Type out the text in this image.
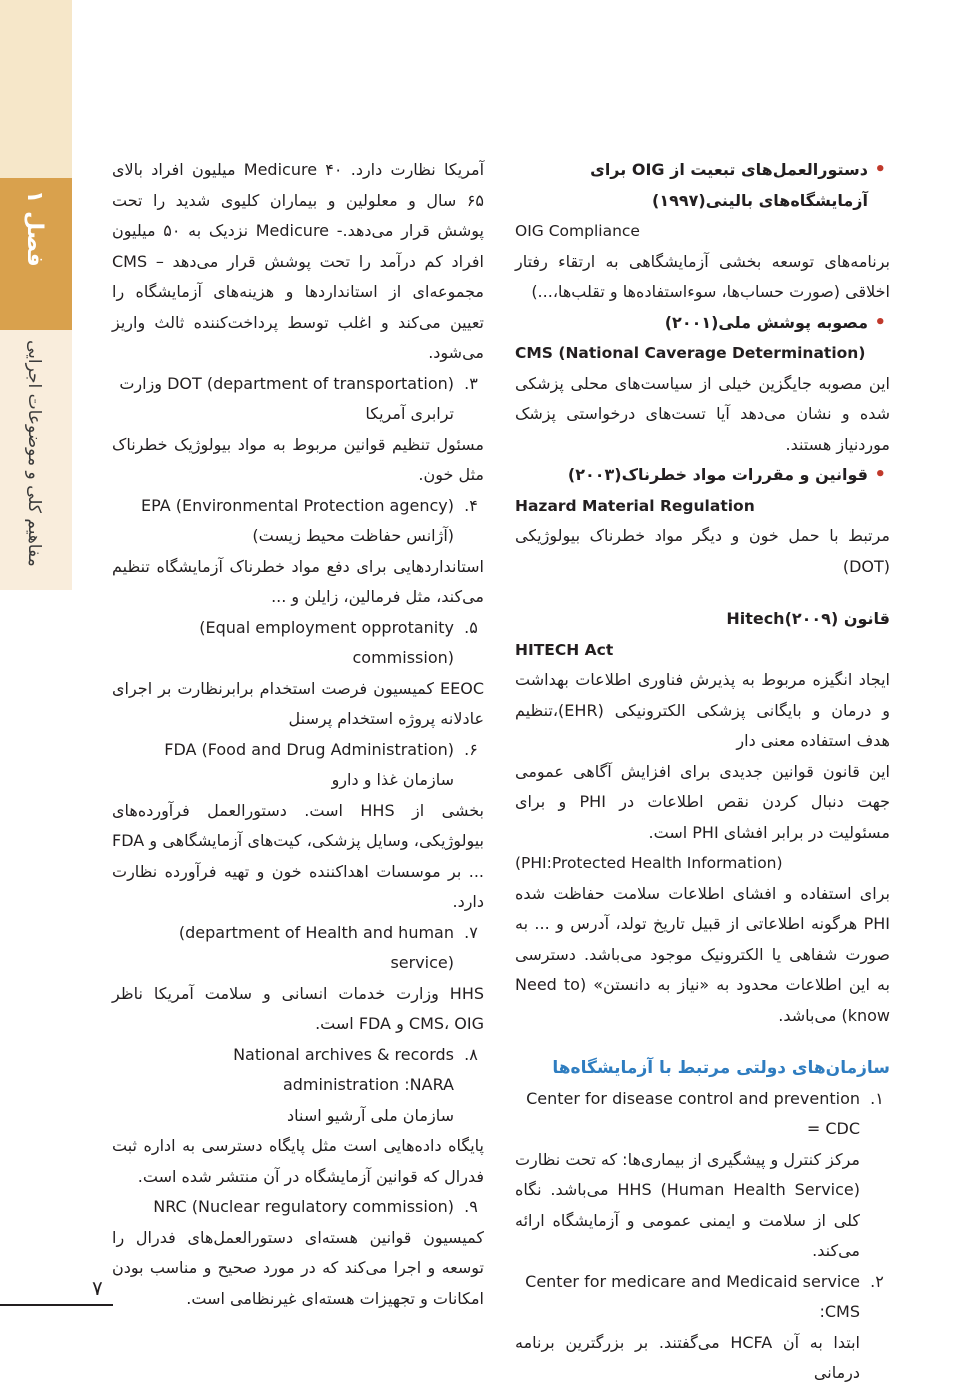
فصل ۱
مفاهیم کلی و موضوعات اجرایی

• دستورالعمل‌های تبعیت از OIG برای آزمایشگاه‌های بالینی(۱۹۹۷)

OIG Compliance

برنامه‌های توسعه بخشی آزمایشگاهی به ارتقاء رفتار اخلاقی (صورت حساب‌ها، سوءاستفاده‌ها و تقلب‌ها،...)

• مصوبه پوشش ملی(۲۰۰۱)

CMS (National Caverage Determination)

این مصوبه جایگزین خیلی از سیاست‌های محلی پزشکی شده و نشان می‌دهد آیا تست‌های درخواستی پزشک موردنیاز هستند.

• قوانین و مقررات مواد خطرناک(۲۰۰۳)

Hazard Material Regulation

مرتبط با حمل خون و دیگر مواد خطرناک بیولوژیکی (DOT)

قانون Hitech(۲۰۰۹)

HITECH Act

ایجاد انگیزه مربوط به پذیرش فناوری اطلاعات بهداشت و درمان و بایگانی پزشکی الکترونیکی (EHR)،تنظیم هدف استفاده معنی دار

این قانون قوانین جدیدی برای افزایش آگاهی عمومی جهت دنبال کردن نقص اطلاعات در PHI و برای مسئولیت در برابر افشای PHI است.

(PHI:Protected Health Information)

برای استفاده و افشای اطلاعات سلامت حفاظت شده PHI هرگونه اطلاعاتی از قبیل تاریخ تولد، آدرس و ... به صورت شفاهی یا الکترونیک موجود می‌باشد. دسترسی به این اطلاعات محدود به «نیاز به دانستن» (Need to know) می‌باشد.

سازمان‌های دولتی مرتبط با آزمایشگاه‌ها

۱.
Center for disease control and prevention = CDC

مرکز کنترل و پیشگیری از بیماری‌ها: که تحت نظارت (Human Health Service) HHS می‌باشد. نگاه کلی از سلامت و ایمنی عمومی و آزمایشگاه ارائه می‌کند.

۲.
Center for medicare and Medicaid service :CMS

ابتدا به آن HCFA می‌گفتند. بر بزرگترین برنامه درمانی

آمریکا نظارت دارد. Medicure ۴۰ میلیون افراد بالای ۶۵ سال و معلولین و بیماران کلیوی شدید را تحت پوشش قرار می‌دهد.- Medicure نزدیک به ۵۰ میلیون افراد کم درآمد را تحت پوشش قرار می‌دهد – CMS مجموعه‌ای از استانداردها و هزینه‌های آزمایشگاه را تعیین می‌کند و اغلب توسط پرداخت‌کننده ثالث واریز می‌شود.

۳.
DOT (department of transportation) وزارت ترابری آمریکا

مسئول تنظیم قوانین مربوط به مواد بیولوژیک خطرناک مثل خون.

۴.
EPA (Environmental Protection agency) (آژانس حفاظت محیط زیست)

استانداردهایی برای دفع مواد خطرناک آزمایشگاه تنظیم می‌کند، مثل فرمالین، زایلن و ...

۵.
(Equal employment opprotanity commission)

EEOC کمیسیون فرصت استخدام برابرنظارت بر اجرای عادلانه پروژه استخدام پرسنل

۶.
FDA (Food and Drug Administration) سازمان غذا و دارو

بخشی از HHS است. دستورالعمل فرآورده‌های بیولوژیکی، وسایل پزشکی، کیت‌های آزمایشگاهی و FDA ... بر موسسات اهداکننده خون و تهیه فرآورده نظارت دارد.

۷.
(department of Health and human service)

HHS وزارت خدمات انسانی و سلامت آمریکا ناظر CMS، OIG و FDA است.

۸.
National archives & records administration :NARA

سازمان ملی آرشیو اسناد

پایگاه داده‌هایی است مثل پایگاه دسترسی به اداره ثبت فدرال که قوانین آزمایشگاه در آن منتشر شده است.

۹.
NRC (Nuclear regulatory commission)

کمیسیون قوانین هسته‌ای دستورالعمل‌های فدرال را توسعه و اجرا می‌کند که در مورد صحیح و مناسب بودن امکانات و تجهیزات هسته‌ای غیرنظامی است.

۷
